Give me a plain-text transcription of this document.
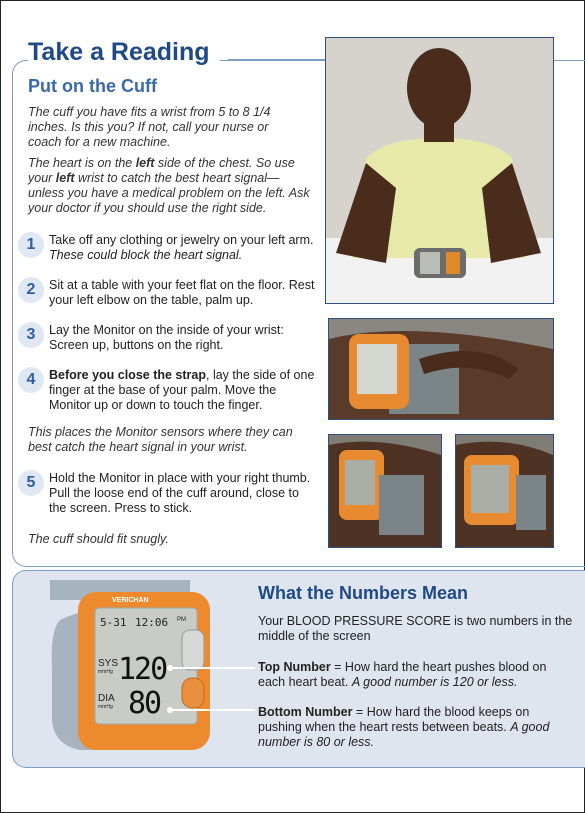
Take a Reading
Put on the Cuff
The cuff you have fits a wrist from 5 to 8 1/4 inches. Is this you? If not, call your nurse or coach for a new machine.
The heart is on the left side of the chest. So use your left wrist to catch the best heart signal— unless you have a medical problem on the left. Ask your doctor if you should use the right side.
1	Take off any clothing or jewelry on your left arm. These could block the heart signal.
2	Sit at a table with your feet flat on the floor. Rest your left elbow on the table, palm up.
3	Lay the Monitor on the inside of your wrist: Screen up, buttons on the right.
4	Before you close the strap, lay the side of one finger at the base of your palm. Move the Monitor up or down to touch the finger.
This places the Monitor sensors where they can best catch the heart signal in your wrist.
5	Hold the Monitor in place with your right thumb. Pull the loose end of the cuff around, close to the screen. Press to stick.
The cuff should fit snugly.
VERICHAN
5-31 12:06 PM
SYS
mmHg 120
DIA
mmHg 80
What the Numbers Mean
Your BLOOD PRESSURE SCORE is two numbers in the middle of the screen
Top Number = How hard the heart pushes blood on each heart beat. A good number is 120 or less.
Bottom Number = How hard the blood keeps on pushing when the heart rests between beats. A good number is 80 or less.
